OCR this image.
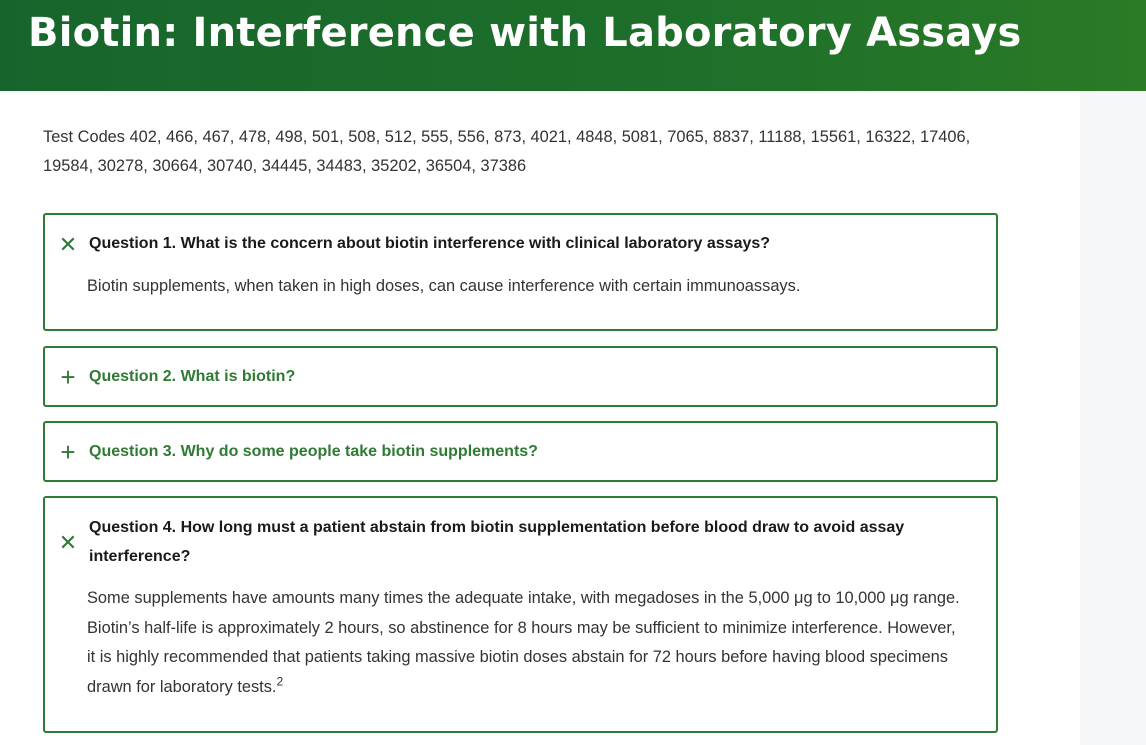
Biotin: Interference with Laboratory Assays

Test Codes 402, 466, 467, 478, 498, 501, 508, 512, 555, 556, 873, 4021, 4848, 5081, 7065, 8837, 11188, 15561, 16322, 17406, 19584, 30278, 30664, 30740, 34445, 34483, 35202, 36504, 37386

✕ Question 1. What is the concern about biotin interference with clinical laboratory assays?

Biotin supplements, when taken in high doses, can cause interference with certain immunoassays.

+ Question 2. What is biotin?

+ Question 3. Why do some people take biotin supplements?

✕

Question 4. How long must a patient abstain from biotin supplementation before blood draw to avoid assay interference?

Some supplements have amounts many times the adequate intake, with megadoses in the 5,000 μg to 10,000 μg range. Biotin’s half-life is approximately 2 hours, so abstinence for 8 hours may be sufficient to minimize interference. However, it is highly recommended that patients taking massive biotin doses abstain for 72 hours before having blood specimens drawn for laboratory tests.$^2$
